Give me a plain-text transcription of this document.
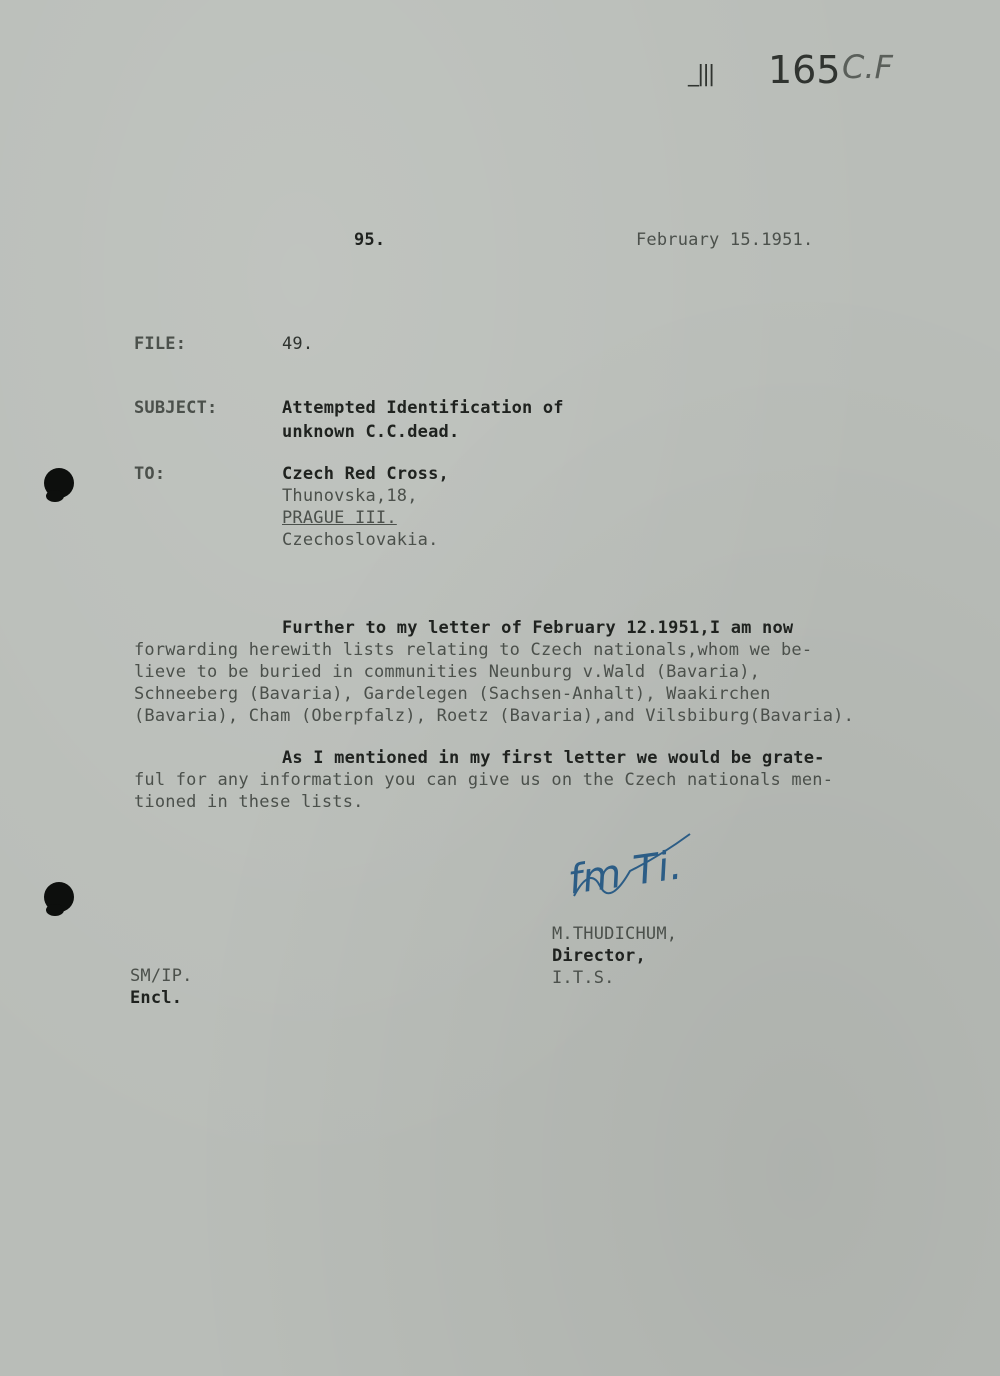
_||| 165 C.F
95.	February 15.1951.
FILE:	49.
SUBJECT:	Attempted Identification of
unknown C.C.dead.
TO:	Czech Red Cross,
Thunovska,18,
PRAGUE III.
Czechoslovakia.
Further to my letter of February 12.1951,I am now
forwarding herewith lists relating to Czech nationals,whom we be-
lieve to be buried in communities Neunburg v.Wald (Bavaria),
Schneeberg (Bavaria), Gardelegen (Sachsen-Anhalt), Waakirchen
(Bavaria), Cham (Oberpfalz), Roetz (Bavaria),and Vilsbiburg(Bavaria).
As I mentioned in my first letter we would be grate-
ful for any information you can give us on the Czech nationals men-
tioned in these lists.
fm Ti.
M.THUDICHUM,
Director,
I.T.S.
SM/IP.
Encl.
